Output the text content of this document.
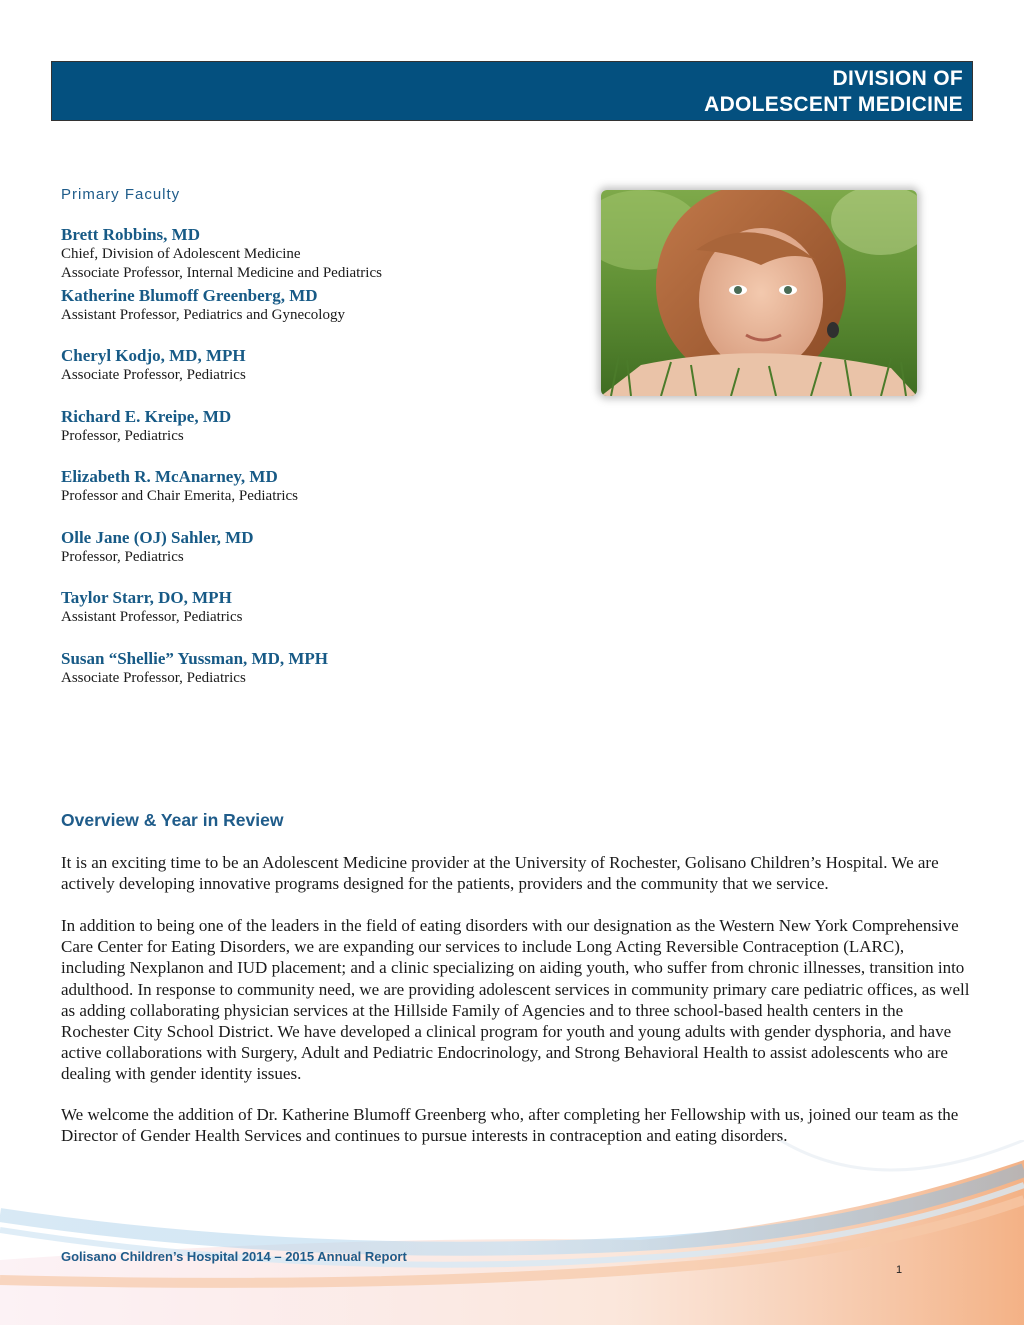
DIVISION OF
ADOLESCENT MEDICINE
Primary Faculty
Brett Robbins, MD
Chief, Division of Adolescent Medicine
Associate Professor, Internal Medicine and Pediatrics
Katherine Blumoff Greenberg, MD
Assistant Professor, Pediatrics and Gynecology
Cheryl Kodjo, MD, MPH
Associate Professor, Pediatrics
Richard E. Kreipe, MD
Professor, Pediatrics
Elizabeth R. McAnarney, MD
Professor and Chair Emerita, Pediatrics
Olle Jane (OJ) Sahler, MD
Professor, Pediatrics
Taylor Starr, DO, MPH
Assistant Professor, Pediatrics
Susan “Shellie” Yussman, MD, MPH
Associate Professor, Pediatrics
Overview & Year in Review
It is an exciting time to be an Adolescent Medicine provider at the University of Rochester, Golisano Children’s Hospital. We are actively developing innovative programs designed for the patients, providers and the community that we service.
In addition to being one of the leaders in the field of eating disorders with our designation as the Western New York Comprehensive Care Center for Eating Disorders, we are expanding our services to include Long Acting Reversible Contraception (LARC), including Nexplanon and IUD placement; and a clinic specializing on aiding youth, who suffer from chronic illnesses, transition into adulthood. In response to community need, we are providing adolescent services in community primary care pediatric offices, as well as adding collaborating physician services at the Hillside Family of Agencies and to three school-based health centers in the Rochester City School District. We have developed a clinical program for youth and young adults with gender dysphoria, and have active collaborations with Surgery, Adult and Pediatric Endocrinology, and Strong Behavioral Health to assist adolescents who are dealing with gender identity issues.
We welcome the addition of Dr. Katherine Blumoff Greenberg who, after completing her Fellowship with us, joined our team as the Director of Gender Health Services and continues to pursue interests in contraception and eating disorders.
Golisano Children’s Hospital 2014 – 2015 Annual Report
1
